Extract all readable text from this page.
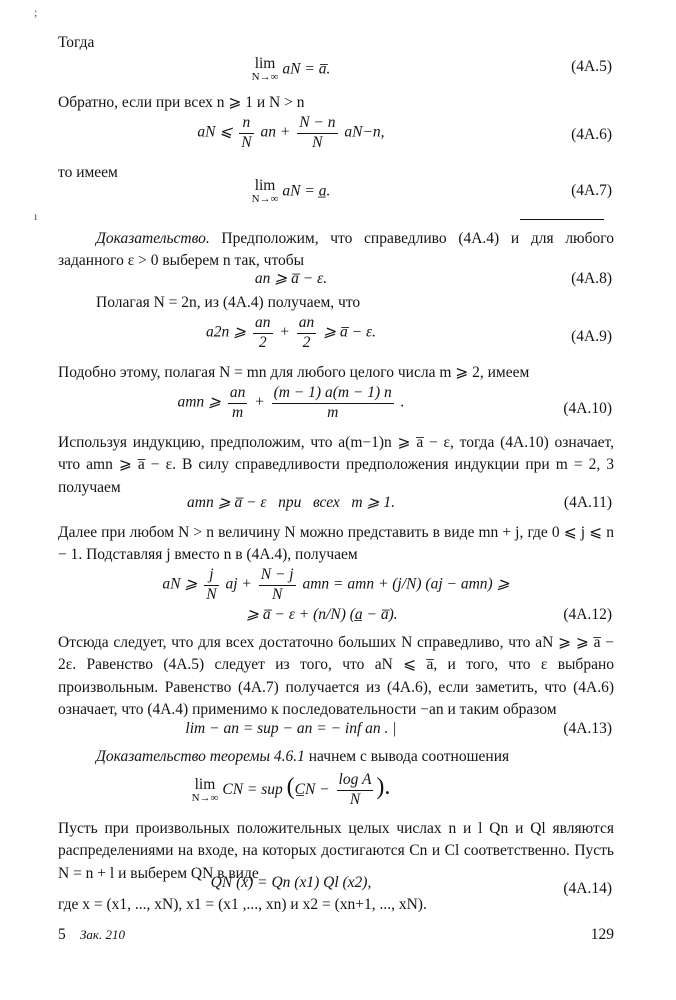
;
ı

Тогда

lim
N→∞ aN = a̅.	(4A.5)

Обратно, если при всех n ⩾ 1 и N > n

aN ⩽ $\frac{n}{N}$ an + $\frac{N - n}{N} aN-n$,	(4A.6)

то имеем

lim
N→∞ aN = a̲.	(4A.7)

Доказательство. Предположим, что справедливо (4A.4) и для любого заданного ε > 0 выберем n так, чтобы

an ⩾ a̅ − ε.	(4A.8)

Полагая N = 2n, из (4A.4) получаем, что

a2n ⩾ $\frac{an}{2} + \frac{an}{2}$ ⩾ a̅ − ε.	(4A.9)

Подобно этому, полагая N = mn для любого целого числа m ⩾ 2, имеем

amn ⩾ $\frac{an}{m} + \frac{(m - 1) a(m - 1) n}{m}$ .	(4A.10)

Используя индукцию, предположим, что a(m−1)n ⩾ a̅ − ε, тогда (4A.10) означает, что amn ⩾ a̅ − ε. В силу справедливости предположения индукции при m = 2, 3 получаем

amn ⩾ a̅ − ε   при   всех   m ⩾ 1.	(4A.11)

Далее при любом N > n величину N можно представить в виде mn + j, где 0 ⩽ j ⩽ n − 1. Подставляя j вместо n в (4A.4), получаем

aN ⩾ $\frac{j}{N}$ aj + $\frac{N - j}{N}$ amn = amn + (j/N) (aj − amn) ⩾
⩾ a̅ − ε + (n/N) (a̲ − a̅).	(4A.12)

Отсюда следует, что для всех достаточно больших N справедливо, что aN ⩾ ⩾ a̅ − 2ε. Равенство (4A.5) следует из того, что aN ⩽ a̅, и того, что ε выбрано произвольным. Равенство (4A.7) получается из (4A.6), если заметить, что (4A.6) означает, что (4A.4) применимо к последовательности −an и таким образом

lim − an = sup − an = − inf an . |	(4A.13)

Доказательство теоремы 4.6.1 начнем с вывода соотношения

lim
N→∞ CN = sup (C̲N − $\frac{\text{log A}}{N}$ ).

Пусть при произвольных положительных целых числах n и l Qn и Ql являются распределениями на входе, на которых достигаются Cn и Cl соответственно. Пусть N = n + l и выберем QN в виде

QN (x) = Qn (x1) Ql (x2),	(4A.14)

где x = (x1, ..., xN), x1 = (x1 ,..., xn) и x2 = (xn+1, ..., xN).

5 Зак. 210	129
